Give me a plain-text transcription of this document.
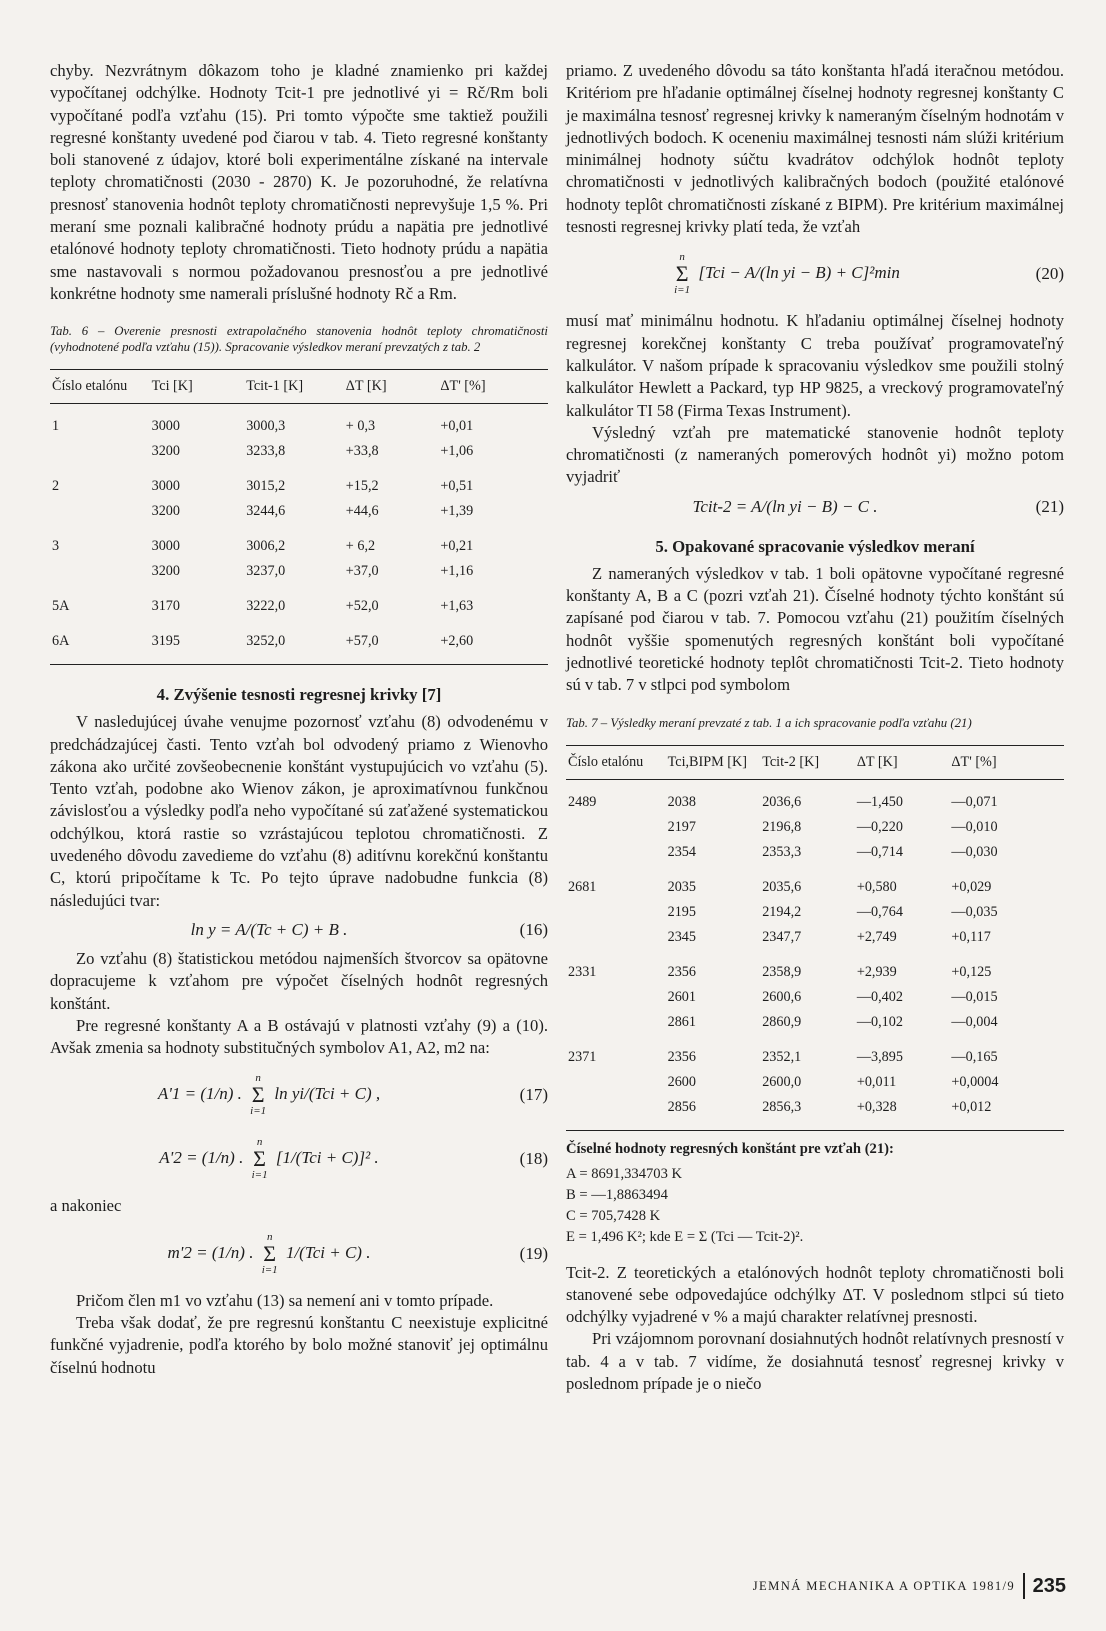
chyby. Nezvrátnym dôkazom toho je kladné znamienko pri každej vypočítanej odchýlke. Hodnoty Tcit-1 pre jednotlivé yi = Rč/Rm boli vypočítané podľa vzťahu (15). Pri tomto výpočte sme taktiež použili regresné konštanty uvedené pod čiarou v tab. 4. Tieto regresné konštanty boli stanovené z údajov, ktoré boli experimentálne získané na intervale teploty chromatičnosti (2030 - 2870) K. Je pozoruhodné, že relatívna presnosť stanovenia hodnôt teploty chromatičnosti neprevyšuje 1,5 %. Pri meraní sme poznali kalibračné hodnoty prúdu a napätia pre jednotlivé etalónové hodnoty teploty chromatičnosti. Tieto hodnoty prúdu a napätia sme nastavovali s normou požadovanou presnosťou a pre jednotlivé konkrétne hodnoty sme namerali príslušné hodnoty Rč a Rm.

Tab. 6 – Overenie presnosti extrapolačného stanovenia hodnôt teploty chromatičnosti (vyhodnotené podľa vzťahu (15)). Spracovanie výsledkov meraní prevzatých z tab. 2
Číslo etalónu	Tci [K]	Tcit-1 [K]	ΔT [K]	ΔT' [%]
1	3000	3000,3	+ 0,3	+0,01
	3200	3233,8	+33,8	+1,06
2	3000	3015,2	+15,2	+0,51
	3200	3244,6	+44,6	+1,39
3	3000	3006,2	+ 6,2	+0,21
	3200	3237,0	+37,0	+1,16
5A	3170	3222,0	+52,0	+1,63
6A	3195	3252,0	+57,0	+2,60
4. Zvýšenie tesnosti regresnej krivky [7]

V nasledujúcej úvahe venujme pozornosť vzťahu (8) odvodenému v predchádzajúcej časti. Tento vzťah bol odvodený priamo z Wienovho zákona ako určité zovšeobecnenie konštánt vystupujúcich vo vzťahu (5). Tento vzťah, podobne ako Wienov zákon, je aproximatívnou funkčnou závislosťou a výsledky podľa neho vypočítané sú zaťažené systematickou odchýlkou, ktorá rastie so vzrástajúcou teplotou chromatičnosti. Z uvedeného dôvodu zavedieme do vzťahu (8) aditívnu korekčnú konštantu C, ktorú pripočítame k Tc. Po tejto úprave nadobudne funkcia (8) následujúci tvar:

ln y = A/(Tc + C) + B .	(16)

Zo vzťahu (8) štatistickou metódou najmenších štvorcov sa opätovne dopracujeme k vzťahom pre výpočet číselných hodnôt regresných konštánt.

Pre regresné konštanty A a B ostávajú v platnosti vzťahy (9) a (10). Avšak zmenia sa hodnoty substitučných symbolov A1, A2, m2 na:

A'1 = (1/n) .
n
Σ
i=1
ln yi/(Tci + C) ,	(17)
A'2 = (1/n) .
n
Σ
i=1
[1/(Tci + C)]² .	(18)

a nakoniec

m'2 = (1/n) .
n
Σ
i=1
1/(Tci + C) .	(19)

Pričom člen m1 vo vzťahu (13) sa nemení ani v tomto prípade.

Treba však dodať, že pre regresnú konštantu C neexistuje explicitné funkčné vyjadrenie, podľa ktorého by bolo možné stanoviť jej optimálnu číselnú hodnotu

priamo. Z uvedeného dôvodu sa táto konštanta hľadá iteračnou metódou. Kritériom pre hľadanie optimálnej číselnej hodnoty regresnej konštanty C je maximálna tesnosť regresnej krivky k nameraným číselným hodnotám v jednotlivých bodoch. K oceneniu maximálnej tesnosti nám slúži kritérium minimálnej hodnoty súčtu kvadrátov odchýlok hodnôt teploty chromatičnosti v jednotlivých kalibračných bodoch (použité etalónové hodnoty teplôt chromatičnosti získané z BIPM). Pre kritérium maximálnej tesnosti regresnej krivky platí teda, že vzťah

n
Σ
i=1
[Tci − A/(ln yi − B) + C]²min	(20)

musí mať minimálnu hodnotu. K hľadaniu optimálnej číselnej hodnoty regresnej korekčnej konštanty C treba používať programovateľný kalkulátor. V našom prípade k spracovaniu výsledkov sme použili stolný kalkulátor Hewlett a Packard, typ HP 9825, a vreckový programovateľný kalkulátor TI 58 (Firma Texas Instrument).

Výsledný vzťah pre matematické stanovenie hodnôt teploty chromatičnosti (z nameraných pomerových hodnôt yi) možno potom vyjadriť

Tcit-2 = A/(ln yi − B) − C .	(21)
5. Opakované spracovanie výsledkov meraní

Z nameraných výsledkov v tab. 1 boli opätovne vypočítané regresné konštanty A, B a C (pozri vzťah 21). Číselné hodnoty týchto konštánt sú zapísané pod čiarou v tab. 7. Pomocou vzťahu (21) použitím číselných hodnôt vyššie spomenutých regresných konštánt boli vypočítané jednotlivé teoretické hodnoty teplôt chromatičnosti Tcit-2. Tieto hodnoty sú v tab. 7 v stlpci pod symbolom

Tab. 7 – Výsledky meraní prevzaté z tab. 1 a ich spracovanie podľa vzťahu (21)
Číslo etalónu	Tci,BIPM [K]	Tcit-2 [K]	ΔT [K]	ΔT' [%]
2489	2038	2036,6	—1,450	—0,071
	2197	2196,8	—0,220	—0,010
	2354	2353,3	—0,714	—0,030
2681	2035	2035,6	+0,580	+0,029
	2195	2194,2	—0,764	—0,035
	2345	2347,7	+2,749	+0,117
2331	2356	2358,9	+2,939	+0,125
	2601	2600,6	—0,402	—0,015
	2861	2860,9	—0,102	—0,004
2371	2356	2352,1	—3,895	—0,165
	2600	2600,0	+0,011	+0,0004
	2856	2856,3	+0,328	+0,012
Číselné hodnoty regresných konštánt pre vzťah (21):
A = 8691,334703 K
B = —1,8863494
C = 705,7428 K
E = 1,496 K²; kde E = Σ (Tci — Tcit-2)².

Tcit-2. Z teoretických a etalónových hodnôt teploty chromatičnosti boli stanovené sebe odpovedajúce odchýlky ΔT. V poslednom stlpci sú tieto odchýlky vyjadrené v % a majú charakter relatívnej presnosti.

Pri vzájomnom porovnaní dosiahnutých hodnôt relatívnych presností v tab. 4 a v tab. 7 vidíme, že dosiahnutá tesnosť regresnej krivky v poslednom prípade je o niečo

JEMNÁ MECHANIKA A OPTIKA 1981/9 235
